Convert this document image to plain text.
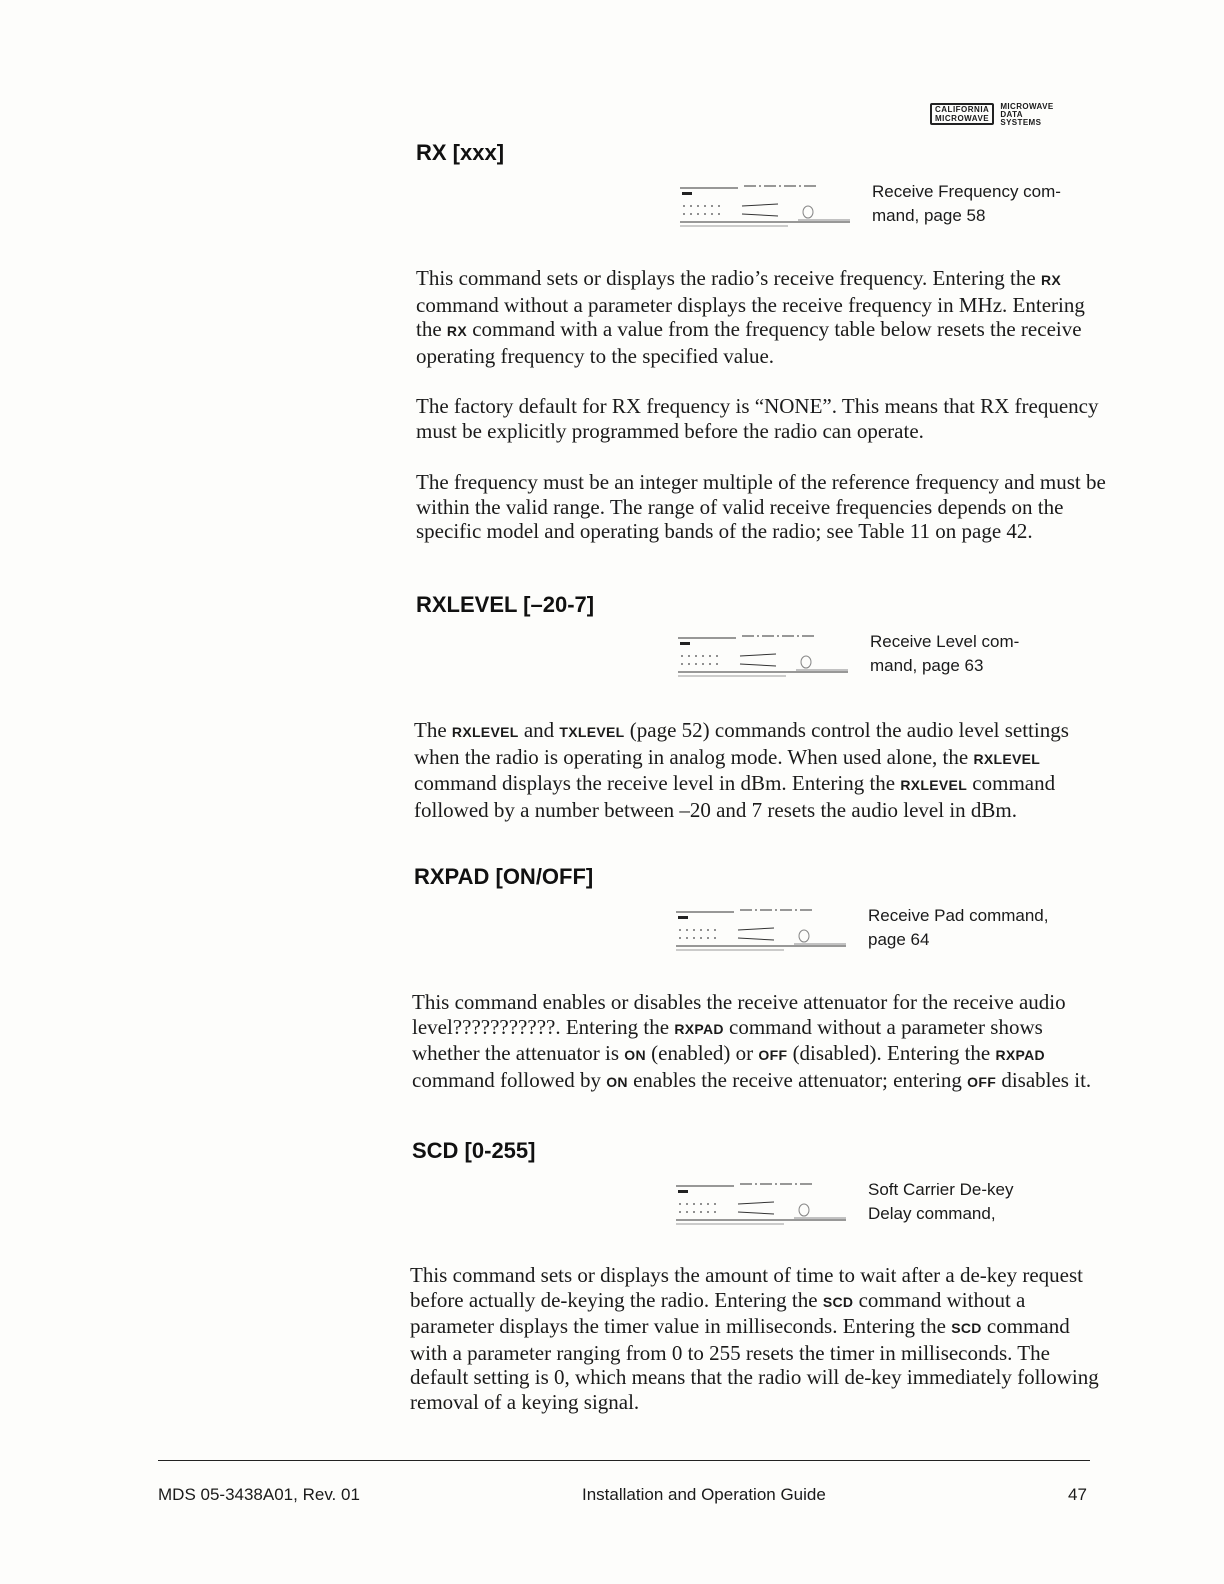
CALIFORNIA
MICROWAVE
MICROWAVE
DATA
SYSTEMS
RX [xxx]
Receive Frequency com-
mand, page 58

This command sets or displays the radio’s receive frequency. Entering the RX command without a parameter displays the receive frequency in MHz. Entering the RX command with a value from the frequency table below resets the receive operating frequency to the specified value.

The factory default for RX frequency is “NONE”. This means that RX frequency must be explicitly programmed before the radio can operate.

The frequency must be an integer multiple of the reference frequency and must be within the valid range. The range of valid receive frequencies depends on the specific model and operating bands of the radio; see Table 11 on page 42.

RXLEVEL [–20-7]
Receive Level com-
mand, page 63

The RXLEVEL and TXLEVEL (page 52) commands control the audio level settings when the radio is operating in analog mode. When used alone, the RXLEVEL command displays the receive level in dBm. Entering the RXLEVEL command followed by a number between –20 and 7 resets the audio level in dBm.

RXPAD [ON/OFF]
Receive Pad command,
page 64

This command enables or disables the receive attenuator for the receive audio level???????????. Entering the RXPAD command without a parameter shows whether the attenuator is ON (enabled) or OFF (disabled). Entering the RXPAD command followed by ON enables the receive attenuator; entering OFF disables it.

SCD [0-255]
Soft Carrier De-key
Delay command,

This command sets or displays the amount of time to wait after a de-key request before actually de-keying the radio. Entering the SCD command without a parameter displays the timer value in milliseconds. Entering the SCD command with a parameter ranging from 0 to 255 resets the timer in milliseconds. The default setting is 0, which means that the radio will de-key immediately following removal of a keying signal.

MDS 05-3438A01, Rev. 01	Installation and Operation Guide	47
